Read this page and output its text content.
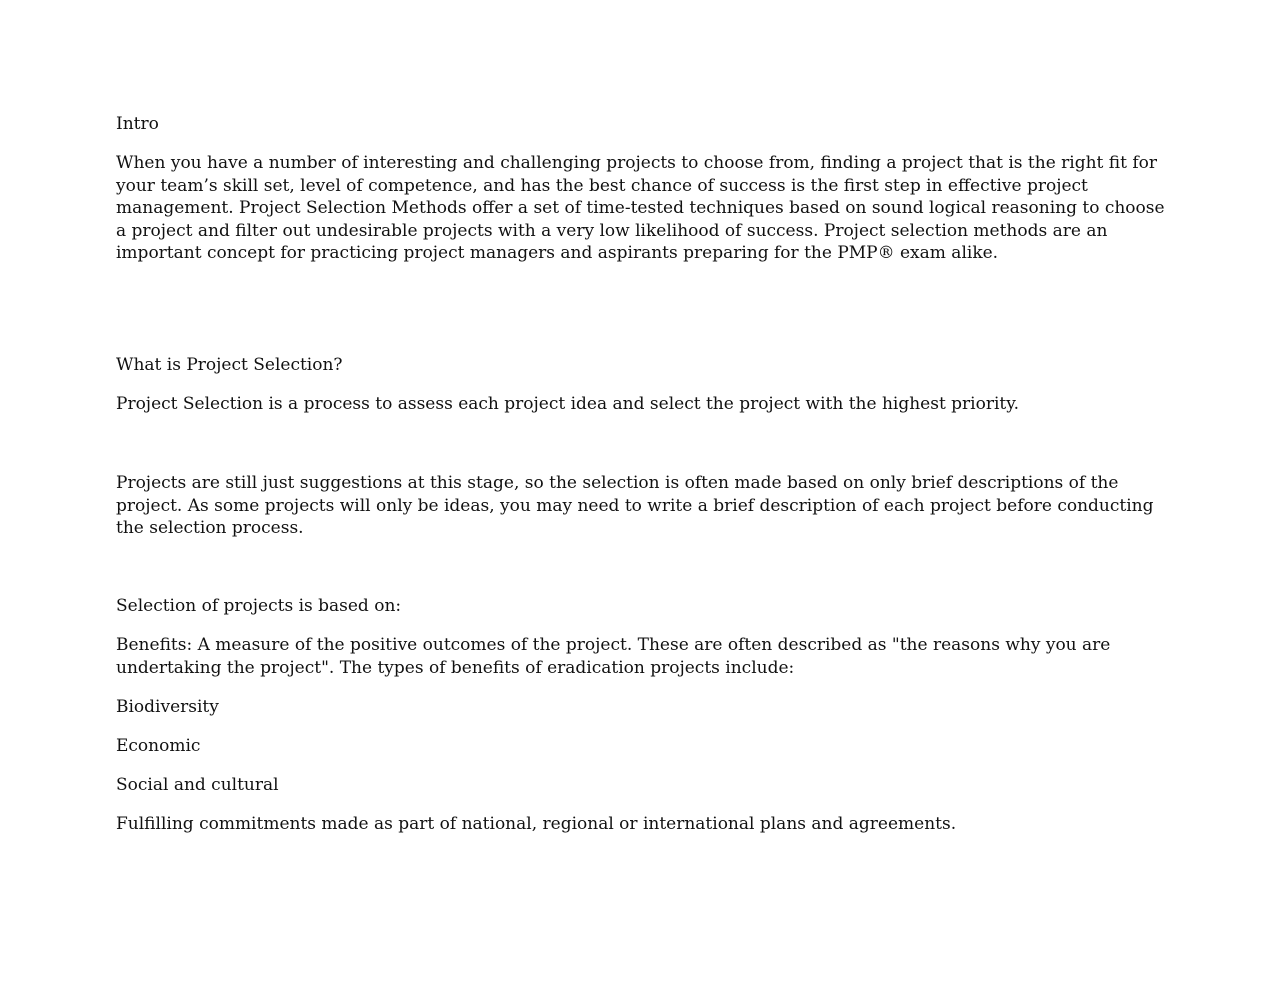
Intro

When you have a number of interesting and challenging projects to choose from, finding a project that is the right fit for your team’s skill set, level of competence, and has the best chance of success is the first step in effective project management. Project Selection Methods offer a set of time-tested techniques based on sound logical reasoning to choose a project and filter out undesirable projects with a very low likelihood of success. Project selection methods are an important concept for practicing project managers and aspirants preparing for the PMP® exam alike.

What is Project Selection?

Project Selection is a process to assess each project idea and select the project with the highest priority.

Projects are still just suggestions at this stage, so the selection is often made based on only brief descriptions of the project. As some projects will only be ideas, you may need to write a brief description of each project before conducting the selection process.

Selection of projects is based on:

Benefits: A measure of the positive outcomes of the project. These are often described as "the reasons why you are undertaking the project". The types of benefits of eradication projects include:

Biodiversity

Economic

Social and cultural

Fulfilling commitments made as part of national, regional or international plans and agreements.
